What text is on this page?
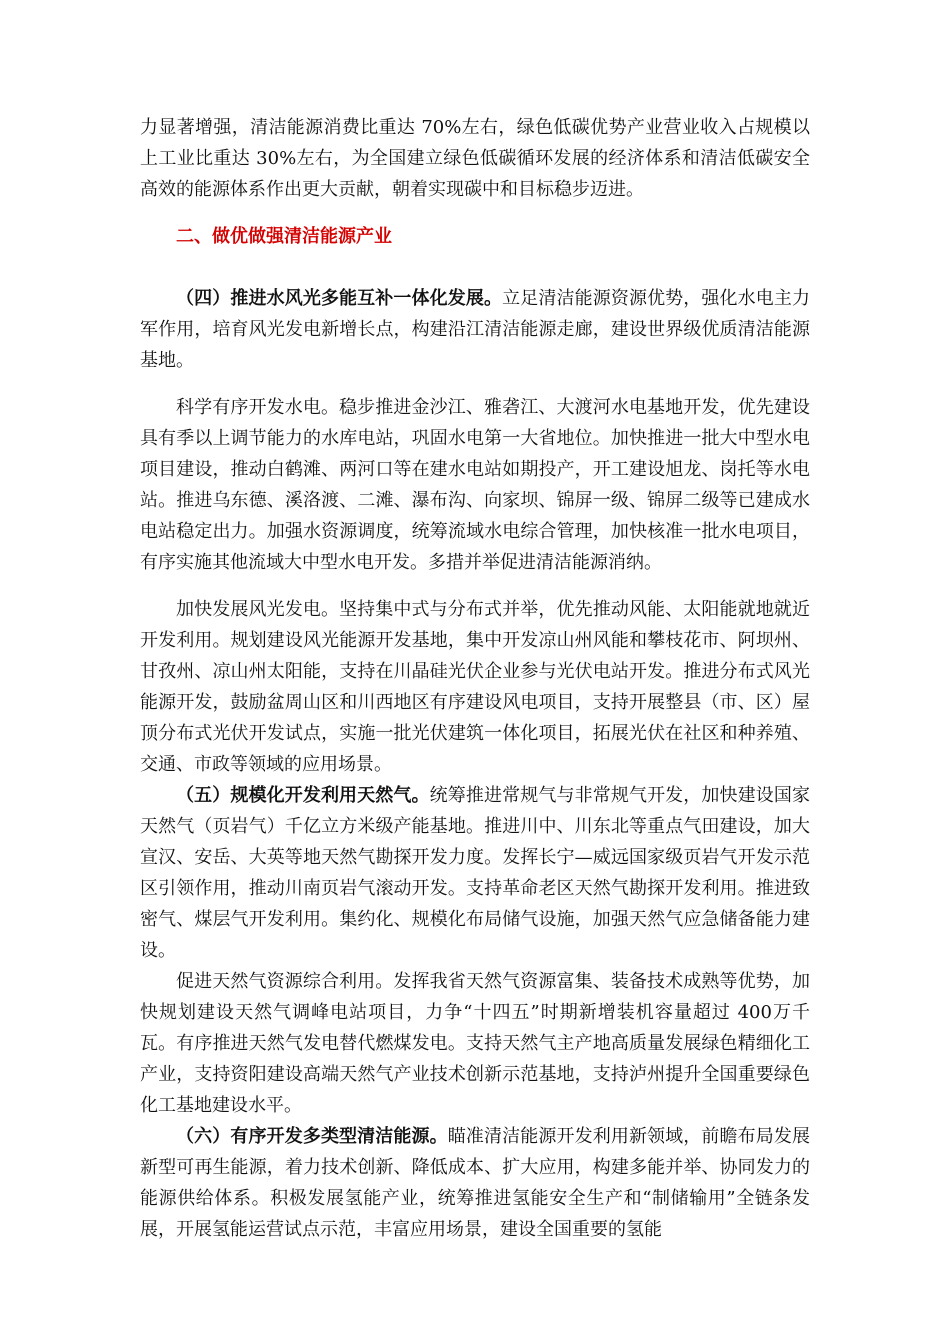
力显著增强，清洁能源消费比重达 70%左右，绿色低碳优势产业营业收入占规模以上工业比重达 30%左右，为全国建立绿色低碳循环发展的经济体系和清洁低碳安全高效的能源体系作出更大贡献，朝着实现碳中和目标稳步迈进。

二、做优做强清洁能源产业

（四）推进水风光多能互补一体化发展。立足清洁能源资源优势，强化水电主力军作用，培育风光发电新增长点，构建沿江清洁能源走廊，建设世界级优质清洁能源基地。

科学有序开发水电。稳步推进金沙江、雅砻江、大渡河水电基地开发，优先建设具有季以上调节能力的水库电站，巩固水电第一大省地位。加快推进一批大中型水电项目建设，推动白鹤滩、两河口等在建水电站如期投产，开工建设旭龙、岗托等水电站。推进乌东德、溪洛渡、二滩、瀑布沟、向家坝、锦屏一级、锦屏二级等已建成水电站稳定出力。加强水资源调度，统筹流域水电综合管理，加快核准一批水电项目，有序实施其他流域大中型水电开发。多措并举促进清洁能源消纳。

加快发展风光发电。坚持集中式与分布式并举，优先推动风能、太阳能就地就近开发利用。规划建设风光能源开发基地，集中开发凉山州风能和攀枝花市、阿坝州、甘孜州、凉山州太阳能，支持在川晶硅光伏企业参与光伏电站开发。推进分布式风光能源开发，鼓励盆周山区和川西地区有序建设风电项目，支持开展整县（市、区）屋顶分布式光伏开发试点，实施一批光伏建筑一体化项目，拓展光伏在社区和种养殖、交通、市政等领域的应用场景。

（五）规模化开发利用天然气。统筹推进常规气与非常规气开发，加快建设国家天然气（页岩气）千亿立方米级产能基地。推进川中、川东北等重点气田建设，加大宣汉、安岳、大英等地天然气勘探开发力度。发挥长宁—威远国家级页岩气开发示范区引领作用，推动川南页岩气滚动开发。支持革命老区天然气勘探开发利用。推进致密气、煤层气开发利用。集约化、规模化布局储气设施，加强天然气应急储备能力建设。

促进天然气资源综合利用。发挥我省天然气资源富集、装备技术成熟等优势，加快规划建设天然气调峰电站项目，力争“十四五”时期新增装机容量超过 400万千瓦。有序推进天然气发电替代燃煤发电。支持天然气主产地高质量发展绿色精细化工产业，支持资阳建设高端天然气产业技术创新示范基地，支持泸州提升全国重要绿色化工基地建设水平。

（六）有序开发多类型清洁能源。瞄准清洁能源开发利用新领域，前瞻布局发展新型可再生能源，着力技术创新、降低成本、扩大应用，构建多能并举、协同发力的能源供给体系。积极发展氢能产业，统筹推进氢能安全生产和“制储输用”全链条发展，开展氢能运营试点示范，丰富应用场景，建设全国重要的氢能
